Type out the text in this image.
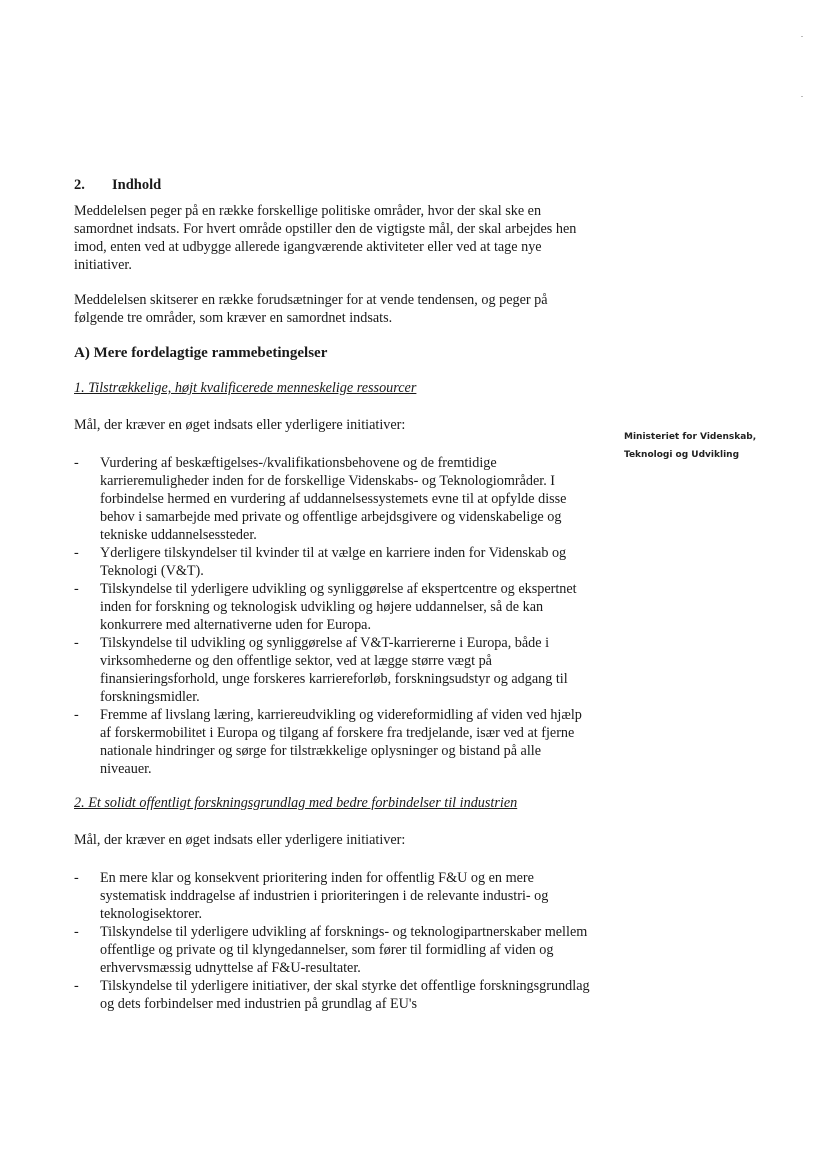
2. Indhold

Meddelelsen peger på en række forskellige politiske områder, hvor der skal ske en samordnet indsats. For hvert område opstiller den de vigtigste mål, der skal arbejdes hen imod, enten ved at udbygge allerede igangværende aktiviteter eller ved at tage nye initiativer.

Meddelelsen skitserer en række forudsætninger for at vende tendensen, og peger på følgende tre områder, som kræver en samordnet indsats.

A) Mere fordelagtige rammebetingelser
1. Tilstrækkelige, højt kvalificerede menneskelige ressourcer

Mål, der kræver en øget indsats eller yderligere initiativer:

- Vurdering af beskæftigelses-/kvalifikationsbehovene og de fremtidige karrieremuligheder inden for de forskellige Videnskabs- og Teknologiområder. I forbindelse hermed en vurdering af uddannelsessystemets evne til at opfylde disse behov i samarbejde med private og offentlige arbejdsgivere og videnskabelige og tekniske uddannelsessteder.
- Yderligere tilskyndelser til kvinder til at vælge en karriere inden for Videnskab og Teknologi (V&T).
- Tilskyndelse til yderligere udvikling og synliggørelse af ekspertcentre og ekspertnet inden for forskning og teknologisk udvikling og højere uddannelser, så de kan konkurrere med alternativerne uden for Europa.
- Tilskyndelse til udvikling og synliggørelse af V&T-karriererne i Europa, både i virksomhederne og den offentlige sektor, ved at lægge større vægt på finansieringsforhold, unge forskeres karriereforløb, forskningsudstyr og adgang til forskningsmidler.
- Fremme af livslang læring, karriereudvikling og videreformidling af viden ved hjælp af forskermobilitet i Europa og tilgang af forskere fra tredjelande, især ved at fjerne nationale hindringer og sørge for tilstrækkelige oplysninger og bistand på alle niveauer.
2. Et solidt offentligt forskningsgrundlag med bedre forbindelser til industrien

Mål, der kræver en øget indsats eller yderligere initiativer:

- En mere klar og konsekvent prioritering inden for offentlig F&U og en mere systematisk inddragelse af industrien i prioriteringen i de relevante industri- og teknologisektorer.
- Tilskyndelse til yderligere udvikling af forsknings- og teknologipartnerskaber mellem offentlige og private og til klyngedannelser, som fører til formidling af viden og erhvervsmæssig udnyttelse af F&U-resultater.
- Tilskyndelse til yderligere initiativer, der skal styrke det offentlige forskningsgrundlag og dets forbindelser med industrien på grundlag af EU's
Ministeriet for Videnskab,
Teknologi og Udvikling
